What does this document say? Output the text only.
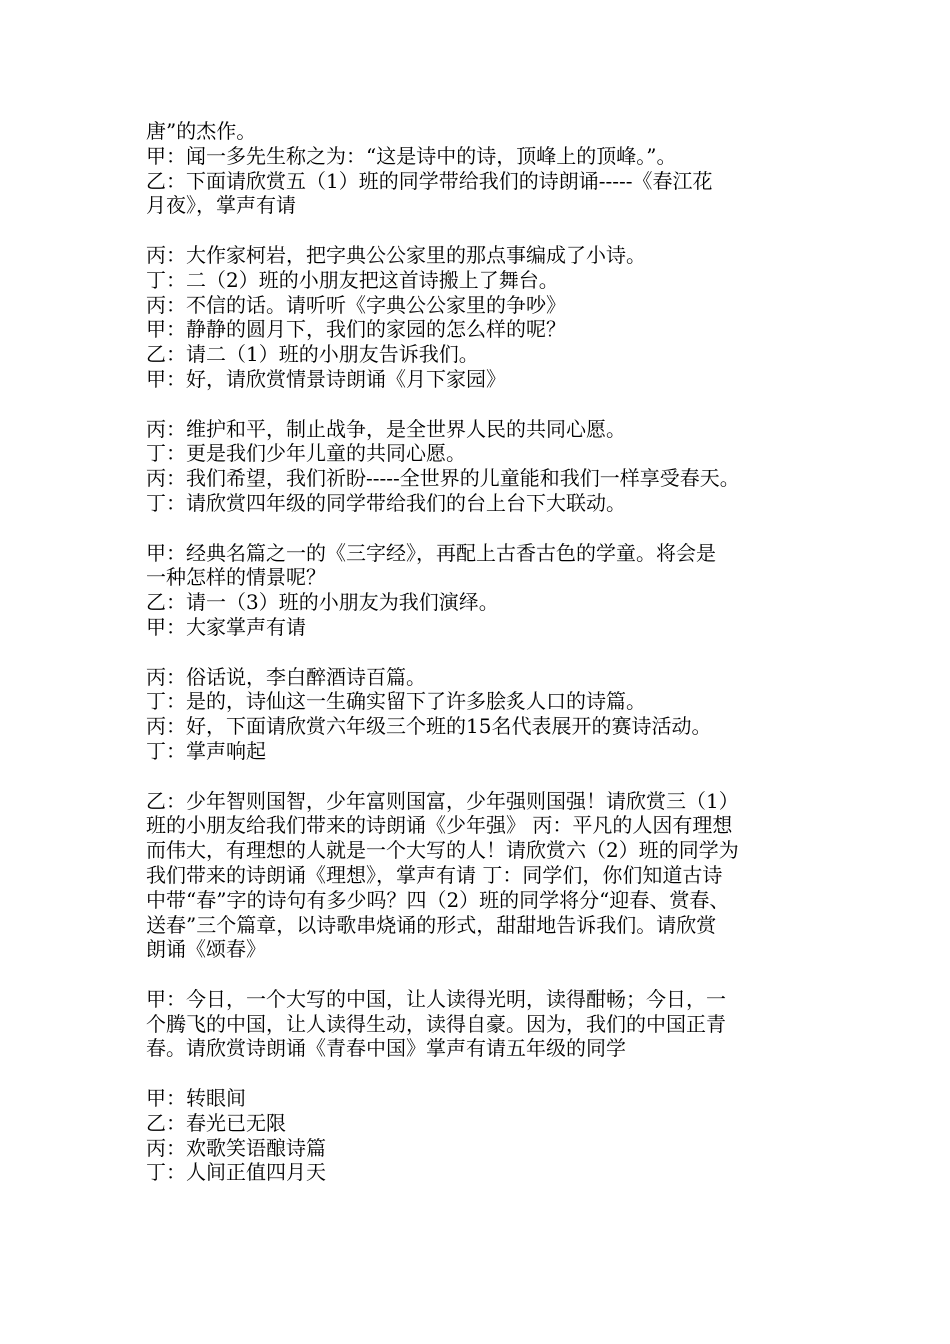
唐”的杰作。
甲：闻一多先生称之为：“这是诗中的诗，顶峰上的顶峰。”。
乙：下面请欣赏五（1）班的同学带给我们的诗朗诵-----《春江花
月夜》，掌声有请
丙：大作家柯岩，把字典公公家里的那点事编成了小诗。
丁：二（2）班的小朋友把这首诗搬上了舞台。
丙：不信的话。请听听《字典公公家里的争吵》
甲：静静的圆月下，我们的家园的怎么样的呢？
乙：请二（1）班的小朋友告诉我们。
甲：好，请欣赏情景诗朗诵《月下家园》
丙：维护和平，制止战争，是全世界人民的共同心愿。
丁：更是我们少年儿童的共同心愿。
丙：我们希望，我们祈盼-----全世界的儿童能和我们一样享受春天。
丁：请欣赏四年级的同学带给我们的台上台下大联动。
甲：经典名篇之一的《三字经》，再配上古香古色的学童。将会是
一种怎样的情景呢？
乙：请一（3）班的小朋友为我们演绎。
甲：大家掌声有请
丙：俗话说，李白醉酒诗百篇。
丁：是的，诗仙这一生确实留下了许多脍炙人口的诗篇。
丙：好，下面请欣赏六年级三个班的15名代表展开的赛诗活动。
丁：掌声响起
乙：少年智则国智，少年富则国富，少年强则国强！请欣赏三（1）
班的小朋友给我们带来的诗朗诵《少年强》 丙：平凡的人因有理想
而伟大，有理想的人就是一个大写的人！请欣赏六（2）班的同学为
我们带来的诗朗诵《理想》，掌声有请 丁：同学们，你们知道古诗
中带“春”字的诗句有多少吗？四（2）班的同学将分“迎春、赏春、
送春”三个篇章，以诗歌串烧诵的形式，甜甜地告诉我们。请欣赏
朗诵《颂春》
甲：今日，一个大写的中国，让人读得光明，读得酣畅；今日，一
个腾飞的中国，让人读得生动，读得自豪。因为，我们的中国正青
春。请欣赏诗朗诵《青春中国》掌声有请五年级的同学
甲：转眼间
乙：春光已无限
丙：欢歌笑语酿诗篇
丁：人间正值四月天
